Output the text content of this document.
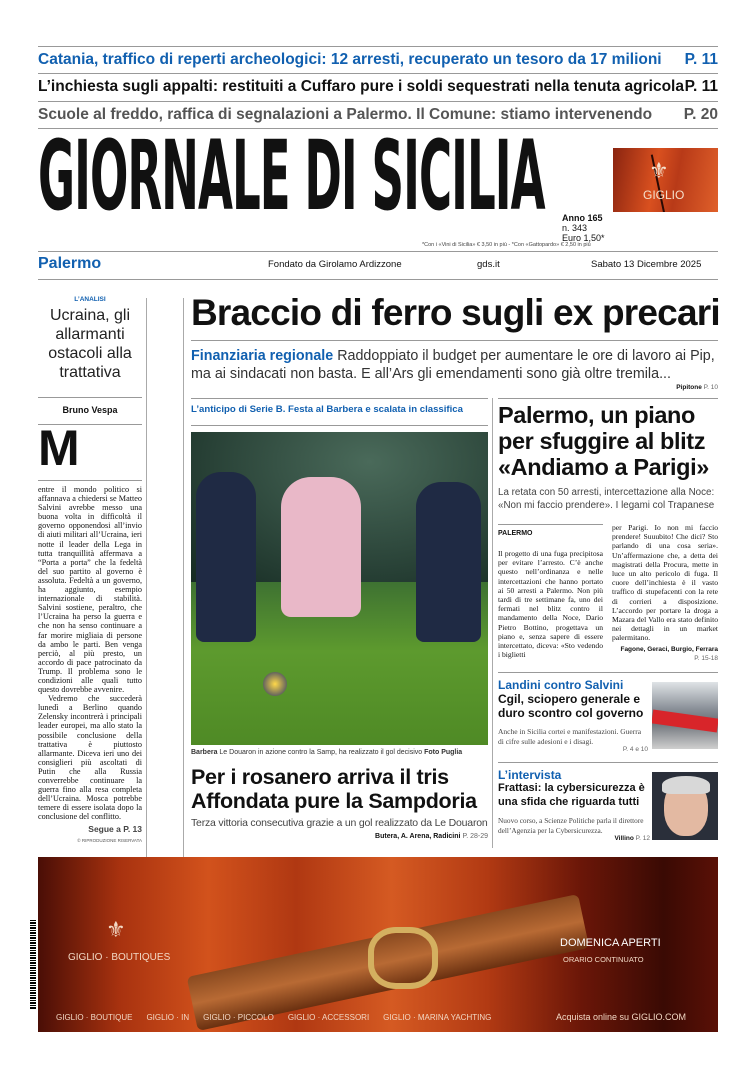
Catania, traffico di reperti archeologici: 12 arresti, recuperato un tesoro da 17 milioni P. 11
L’inchiesta sugli appalti: restituiti a Cuffaro pure i soldi sequestrati nella tenuta agricola P. 11
Scuole al freddo, raffica di segnalazioni a Palermo. Il Comune: stiamo intervenendo P. 20
GIORNALE DI SICILIA	⚜
GIGLIO
Anno 165
n. 343
Euro 1,50*
*Con i «Vini di Sicilia» € 3,50 in più - *Con «Gattopardo» € 2,50 in più
Palermo	Fondato da Girolamo Ardizzone	gds.it	Sabato 13 Dicembre 2025
L’ANALISI
Ucraina, gli allarmanti ostacoli alla trattativa
Bruno Vespa
M

entre il mondo politico si affannava a chiedersi se Matteo Salvini avrebbe messo una buona volta in difficoltà il governo opponendosi all’invio di aiuti militari all’Ucraina, ieri notte il leader della Lega in tutta tranquillità affermava a “Porta a porta” che la fedeltà del suo partito al governo è assoluta. Fedeltà a un governo, ha aggiunto, esempio internazionale di stabilità. Salvini sostiene, peraltro, che l’Ucraina ha perso la guerra e che non ha senso continuare a far morire migliaia di persone da ambo le parti. Ben venga perciò, al più presto, un accordo di pace patrocinato da Trump. Il problema sono le condizioni alle quali tutto questo dovrebbe avvenire.

Vedremo che succederà lunedì a Berlino quando Zelensky incontrerà i principali leader europei, ma allo stato la possibile conclusione della trattativa è piuttosto allarmante. Diceva ieri uno dei consiglieri più ascoltati di Putin che alla Russia converrebbe continuare la guerra fino alla resa completa dell’Ucraina. Mosca potrebbe temere di essere isolata dopo la conclusione del conflitto.

Segue a P. 13
© RIPRODUZIONE RISERVATA
Braccio di ferro sugli ex precari
Finanziaria regionale Raddoppiato il budget per aumentare le ore di lavoro ai Pip, ma ai sindacati non basta. E all’Ars gli emendamenti sono già oltre tremila...
Pipitone P. 10
L’anticipo di Serie B. Festa al Barbera e scalata in classifica
Barbera Le Douaron in azione contro la Samp, ha realizzato il gol decisivo Foto Puglia
Per i rosanero arriva il tris Affondata pure la Sampdoria
Terza vittoria consecutiva grazie a un gol realizzato da Le Douaron
Butera, A. Arena, Radicini P. 28-29
Palermo, un piano per sfuggire al blitz «Andiamo a Parigi»
La retata con 50 arresti, intercettazione alla Noce: «Non mi faccio prendere». I legami col Trapanese
PALERMO
Il progetto di una fuga precipitosa per evitare l’arresto. C’è anche questo nell’ordinanza e nelle intercettazioni che hanno portato ai 50 arresti a Palermo. Non più tardi di tre settimane fa, uno dei fermati nel blitz contro il mandamento della Noce, Dario Pietro Bottino, progettava un piano e, senza sapere di essere intercettato, diceva: «Sto vedendo i biglietti
per Parigi. Io non mi faccio prendere! Suuubito! Che dici? Sto parlando di una cosa seria». Un’affermazione che, a detta dei magistrati della Procura, mette in luce un alto pericolo di fuga. Il cuore dell’inchiesta è il vasto traffico di stupefacenti con la rete di corrieri a disposizione. L’accordo per portare la droga a Mazara del Vallo era stato definito nei dettagli in un market palermitano.
Fagone, Geraci, Burgio, Ferrara
P. 15-18
Landini contro Salvini
Cgil, sciopero generale e duro scontro col governo
Anche in Sicilia cortei e manifestazioni. Guerra di cifre sulle adesioni e i disagi.
P. 4 e 10
L’intervista
Frattasi: la cybersicurezza è una sfida che riguarda tutti
Nuovo corso, a Scienze Politiche parla il direttore dell’Agenzia per la Cybersicurezza.
Villino P. 12
⚜
GIGLIO · BOUTIQUES
DOMENICA APERTI
ORARIO CONTINUATO
GIGLIO · BOUTIQUE GIGLIO · IN GIGLIO · PICCOLO GIGLIO · ACCESSORI GIGLIO · MARINA YACHTING	Acquista online su GIGLIO.COM
